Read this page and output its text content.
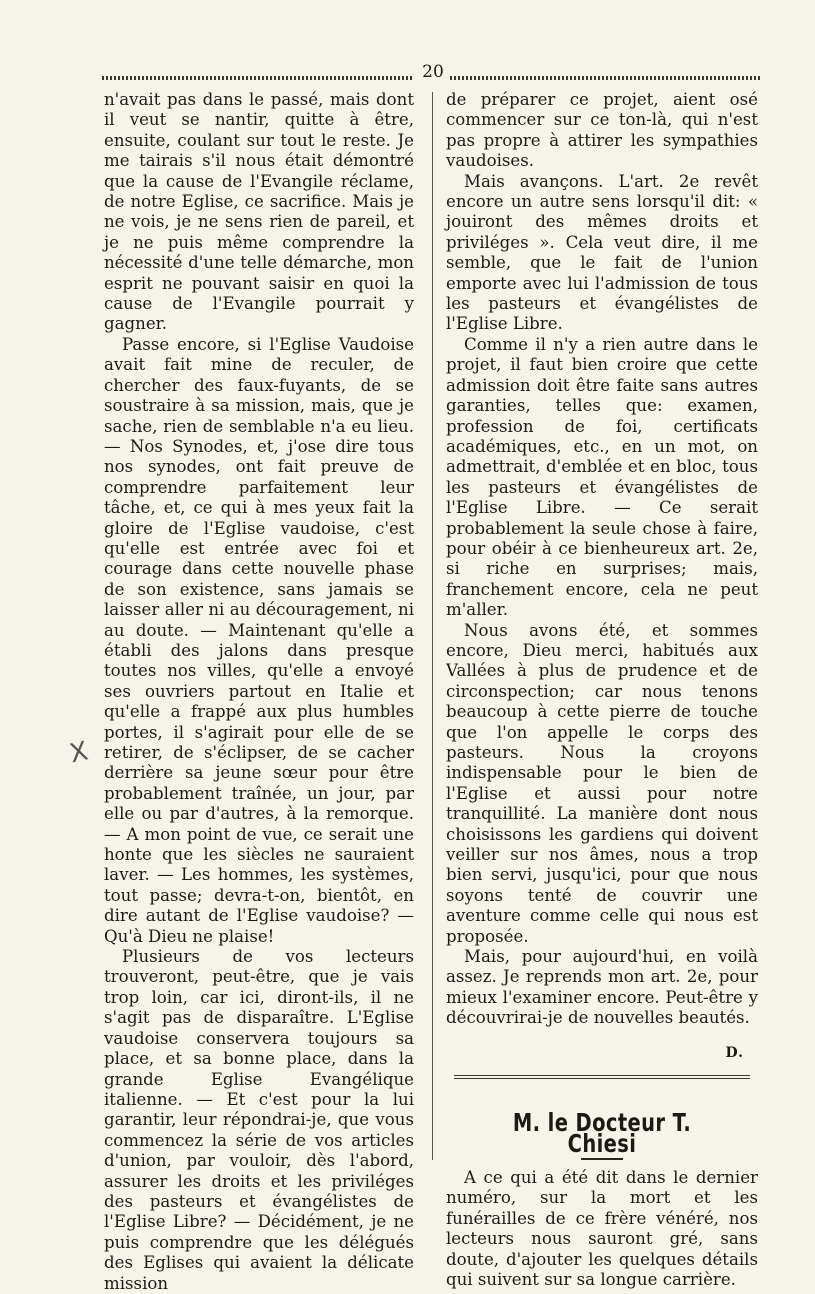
20
X

n'avait pas dans le passé, mais dont il veut se nantir, quitte à être, ensuite, coulant sur tout le reste. Je me tairais s'il nous était démontré que la cause de l'Evangile réclame, de notre Eglise, ce sacrifice. Mais je ne vois, je ne sens rien de pareil, et je ne puis même comprendre la nécessité d'une telle démarche, mon esprit ne pouvant saisir en quoi la cause de l'Evangile pourrait y gagner.

Passe encore, si l'Eglise Vaudoise avait fait mine de reculer, de chercher des faux-fuyants, de se soustraire à sa mission, mais, que je sache, rien de semblable n'a eu lieu. — Nos Synodes, et, j'ose dire tous nos synodes, ont fait preuve de comprendre parfaitement leur tâche, et, ce qui à mes yeux fait la gloire de l'Eglise vaudoise, c'est qu'elle est entrée avec foi et courage dans cette nouvelle phase de son existence, sans jamais se laisser aller ni au découragement, ni au doute. — Maintenant qu'elle a établi des jalons dans presque toutes nos villes, qu'elle a envoyé ses ouvriers partout en Italie et qu'elle a frappé aux plus humbles portes, il s'agirait pour elle de se retirer, de s'éclipser, de se cacher derrière sa jeune sœur pour être probablement traînée, un jour, par elle ou par d'autres, à la remorque. — A mon point de vue, ce serait une honte que les siècles ne sauraient laver. — Les hommes, les systèmes, tout passe; devra-t-on, bientôt, en dire autant de l'Eglise vaudoise? — Qu'à Dieu ne plaise!

Plusieurs de vos lecteurs trouveront, peut-être, que je vais trop loin, car ici, diront-ils, il ne s'agit pas de disparaître. L'Eglise vaudoise conservera toujours sa place, et sa bonne place, dans la grande Eglise Evangélique italienne. — Et c'est pour la lui garantir, leur répondrai-je, que vous commencez la série de vos articles d'union, par vouloir, dès l'abord, assurer les droits et les priviléges des pasteurs et évangélistes de l'Eglise Libre? — Décidément, je ne puis comprendre que les délégués des Eglises qui avaient la délicate mission

de préparer ce projet, aient osé commencer sur ce ton-là, qui n'est pas propre à attirer les sympathies vaudoises.

Mais avançons. L'art. 2e revêt encore un autre sens lorsqu'il dit: « jouiront des mêmes droits et priviléges ». Cela veut dire, il me semble, que le fait de l'union emporte avec lui l'admission de tous les pasteurs et évangélistes de l'Eglise Libre.

Comme il n'y a rien autre dans le projet, il faut bien croire que cette admission doit être faite sans autres garanties, telles que: examen, profession de foi, certificats académiques, etc., en un mot, on admettrait, d'emblée et en bloc, tous les pasteurs et évangélistes de l'Eglise Libre. — Ce serait probablement la seule chose à faire, pour obéir à ce bienheureux art. 2e, si riche en surprises; mais, franchement encore, cela ne peut m'aller.

Nous avons été, et sommes encore, Dieu merci, habitués aux Vallées à plus de prudence et de circonspection; car nous tenons beaucoup à cette pierre de touche que l'on appelle le corps des pasteurs. Nous la croyons indispensable pour le bien de l'Eglise et aussi pour notre tranquillité. La manière dont nous choisissons les gardiens qui doivent veiller sur nos âmes, nous a trop bien servi, jusqu'ici, pour que nous soyons tenté de couvrir une aventure comme celle qui nous est proposée.

Mais, pour aujourd'hui, en voilà assez. Je reprends mon art. 2e, pour mieux l'examiner encore. Peut-être y découvrirai-je de nouvelles beautés.

D.
M. le Docteur T. Chiesi

A ce qui a été dit dans le dernier numéro, sur la mort et les funérailles de ce frère vénéré, nos lecteurs nous sauront gré, sans doute, d'ajouter les quelques détails qui suivent sur sa longue carrière.
